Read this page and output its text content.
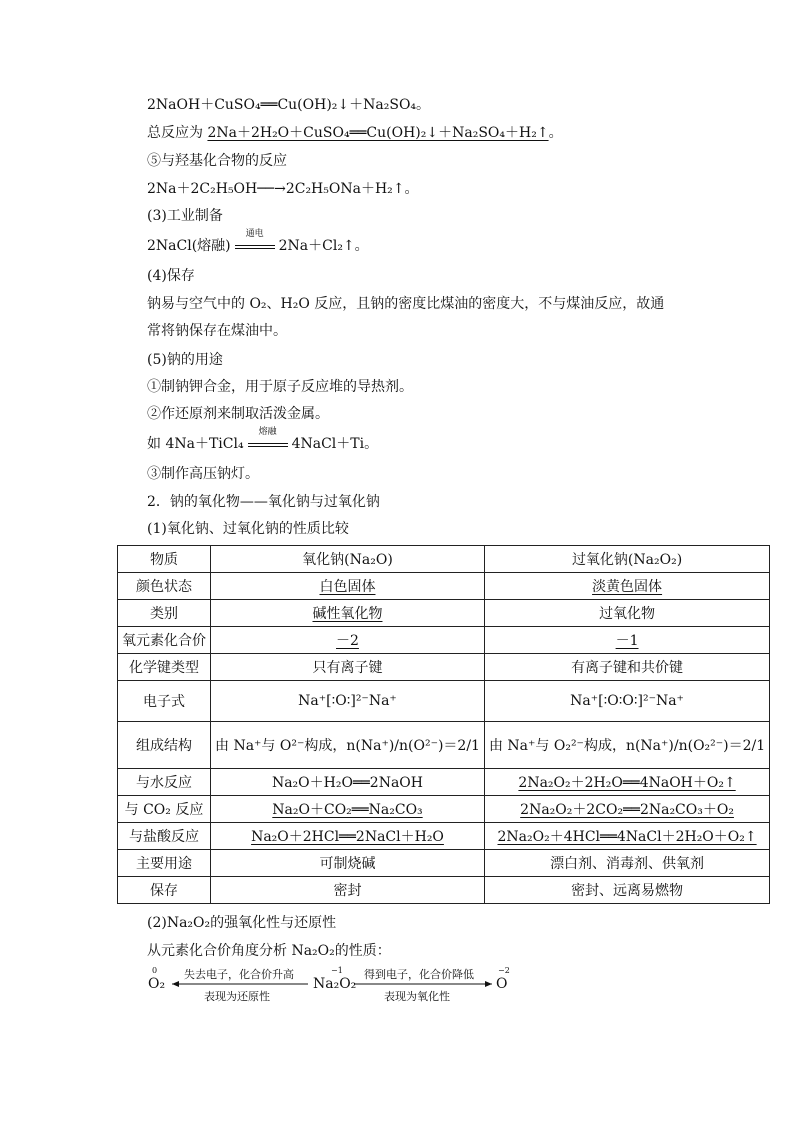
2NaOH＋CuSO₄══Cu(OH)₂↓＋Na₂SO₄。
总反应为 2Na＋2H₂O＋CuSO₄══Cu(OH)₂↓＋Na₂SO₄＋H₂↑。
⑤与羟基化合物的反应
2Na＋2C₂H₅OH──→2C₂H₅ONa＋H₂↑。
(3)工业制备
2NaCl(熔融)
通电
2Na＋Cl₂↑。
(4)保存
钠易与空气中的 O₂、H₂O 反应，且钠的密度比煤油的密度大，不与煤油反应，故通常将钠保存在煤油中。
(5)钠的用途
①制钠钾合金，用于原子反应堆的导热剂。
②作还原剂来制取活泼金属。
如 4Na＋TiCl₄
熔融
4NaCl＋Ti。
③制作高压钠灯。
2．钠的氧化物——氧化钠与过氧化钠
(1)氧化钠、过氧化钠的性质比较
物质	氧化钠(Na₂O)	过氧化钠(Na₂O₂)
颜色状态	白色固体	淡黄色固体
类别	碱性氧化物	过氧化物
氧元素化合价	－2	－1
化学键类型	只有离子键	有离子键和共价键
电子式	Na⁺[∶O∶]²⁻Na⁺	Na⁺[∶O∶O∶]²⁻Na⁺
组成结构	由 Na⁺与 O²⁻构成，n(Na⁺)/n(O²⁻)＝2/1	由 Na⁺与 O₂²⁻构成，n(Na⁺)/n(O₂²⁻)＝2/1
与水反应	Na₂O＋H₂O══2NaOH	2Na₂O₂＋2H₂O══4NaOH＋O₂↑
与 CO₂ 反应	Na₂O＋CO₂══Na₂CO₃	2Na₂O₂＋2CO₂══2Na₂CO₃＋O₂
与盐酸反应	Na₂O＋2HCl══2NaCl＋H₂O	2Na₂O₂＋4HCl══4NaCl＋2H₂O＋O₂↑
主要用途	可制烧碱	漂白剂、消毒剂、供氧剂
保存	密封	密封、远离易燃物
(2)Na₂O₂的强氧化性与还原性
从元素化合价角度分析 Na₂O₂的性质：
0
O₂
失去电子，化合价升高
表现为还原性
−1
Na₂O₂
得到电子，化合价降低
表现为氧化性
−2
O
